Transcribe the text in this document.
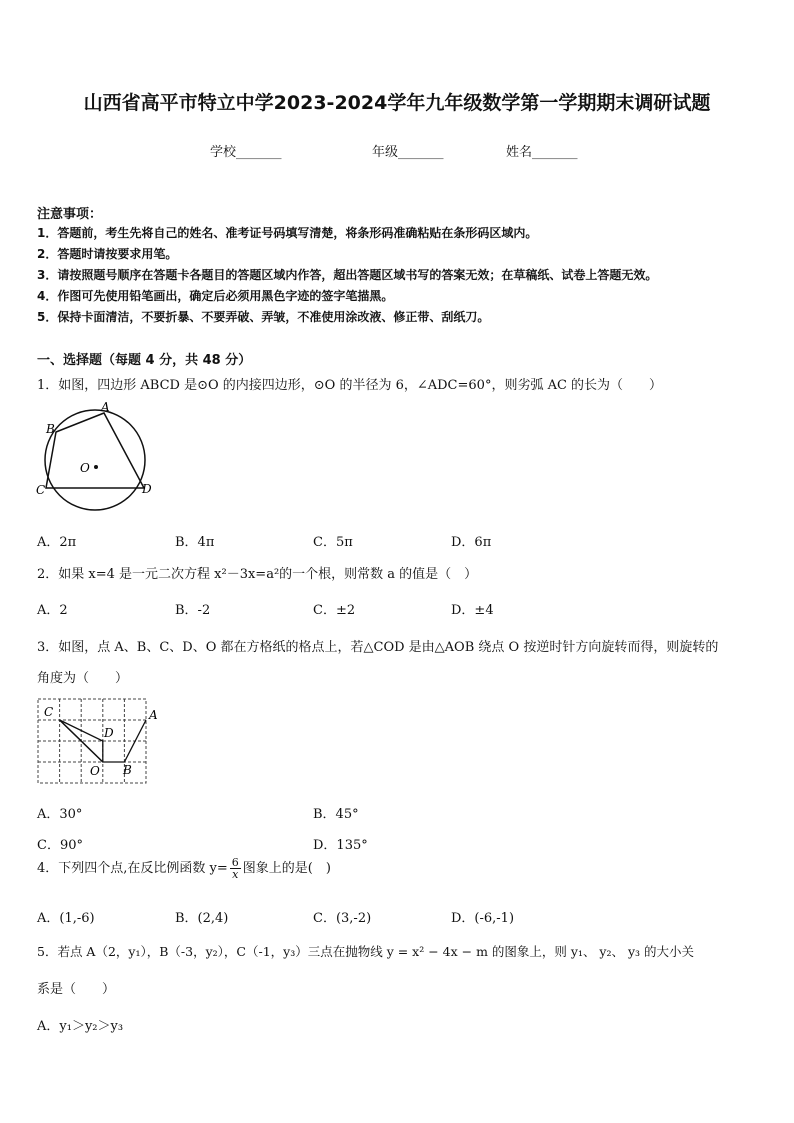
山西省高平市特立中学2023-2024学年九年级数学第一学期期末调研试题
学校_______	年级_______	姓名_______
注意事项：
1．答题前，考生先将自己的姓名、准考证号码填写清楚，将条形码准确粘贴在条形码区域内。
2．答题时请按要求用笔。
3．请按照题号顺序在答题卡各题目的答题区域内作答，超出答题区域书写的答案无效；在草稿纸、试卷上答题无效。
4．作图可先使用铅笔画出，确定后必须用黑色字迹的签字笔描黑。
5．保持卡面清洁，不要折暴、不要弄破、弄皱，不准使用涂改液、修正带、刮纸刀。
一、选择题（每题 4 分，共 48 分）
1．如图，四边形 ABCD 是⊙O 的内接四边形，⊙O 的半径为 6，∠ADC=60°，则劣弧 AC 的长为（　　）
A
B
C	D
O
A．2π	B．4π	C．5π	D．6π
2．如果 x=4 是一元二次方程 x²－3x=a²的一个根，则常数 a 的值是（　）
A．2	B．-2	C．±2	D．±4
3．如图，点 A、B、C、D、O 都在方格纸的格点上，若△COD 是由△AOB 绕点 O 按逆时针方向旋转而得，则旋转的
角度为（　　）
C	A
D
O B
A．30°	B．45°
C．90°	D．135°
4．下列四个点,在反比例函数 $y= \frac{6}{x}$ 图象上的是(　)
A．(1,-6)	B．(2,4)	C．(3,-2)	D．(-6,-1)
5．若点 A（2，y₁），B（-3，y₂），C（-1，y₃）三点在抛物线 y = x² − 4x − m 的图象上，则 y₁、 y₂、 y₃ 的大小关
系是（　　）
A．y₁＞y₂＞y₃
